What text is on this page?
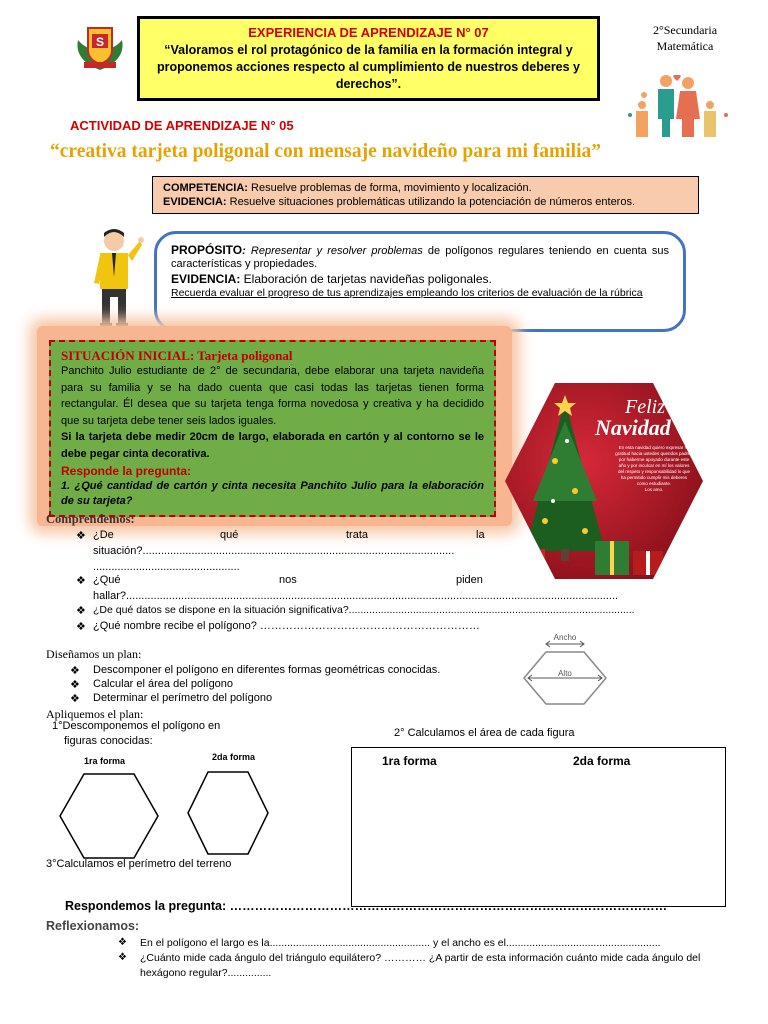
S
EXPERIENCIA DE APRENDIZAJE N° 07
“Valoramos el rol protagónico de la familia en la formación integral y proponemos acciones respecto al cumplimiento de nuestros deberes y derechos”.
2°Secundaria
Matemática
ACTIVIDAD DE APRENDIZAJE N° 05
“creativa tarjeta poligonal con mensaje navideño para mi familia”
COMPETENCIA: Resuelve problemas de forma, movimiento y localización.
EVIDENCIA: Resuelve situaciones problemáticas utilizando la potenciación de números enteros.
PROPÓSITO: Representar y resolver problemas de polígonos regulares teniendo en cuenta sus características y propiedades.
EVIDENCIA: Elaboración de tarjetas navideñas poligonales.
Recuerda evaluar el progreso de tus aprendizajes empleando los criterios de evaluación de la rúbrica
SITUACIÓN INICIAL: Tarjeta poligonal
Panchito Julio estudiante de 2° de secundaria, debe elaborar una tarjeta navideña para su familia y se ha dado cuenta que casi todas las tarjetas tienen forma rectangular. Él desea que su tarjeta tenga forma novedosa y creativa y ha decidido que su tarjeta debe tener seis lados iguales.
Si la tarjeta debe medir 20cm de largo, elaborada en cartón y al contorno se le debe pegar cinta decorativa.
Responde la pregunta:
1. ¿Qué cantidad de cartón y cinta necesita Panchito Julio para la elaboración de su tarjeta?
Feliz
Navidad
En esta navidad quiero expresar mi gratitud hacia ustedes queridos padres por haberme apoyado durante este año y por inculcar en mí los valores del respeto y responsabilidad lo que ha permitido cumplir mis deberes como estudiante.
Los amo.
Comprendemos:
❖ ¿De	qué	trata	la
situación?......................................................................................................
................................................
❖ ¿Qué	nos	piden
hallar?.................................................................................................................................................................
❖ ¿De qué datos se dispone en la situación significativa?..................................................................................................
❖ ¿Qué nombre recibe el polígono? ……………………………………………………
Diseñamos un plan:
❖ Descomponer el polígono en diferentes formas geométricas conocidas.
❖ Calcular el área del polígono
❖ Determinar el perímetro del polígono
Ancho
Alto
Apliquemos el plan:
1°Descomponemos el polígono en
figuras conocidas:
2° Calculamos el área de cada figura
1ra forma	2da forma
3°Calculamos el perímetro del terreno
1ra forma	2da forma
Respondemos la pregunta: ……………………………………………………………………………………………
Reflexionamos:
❖ En el polígono el largo es la....................................................... y el ancho es el.....................................................
❖ ¿Cuánto mide cada ángulo del triángulo equilátero? ………… ¿A partir de esta información cuánto mide cada ángulo del
hexágono regular?...............
